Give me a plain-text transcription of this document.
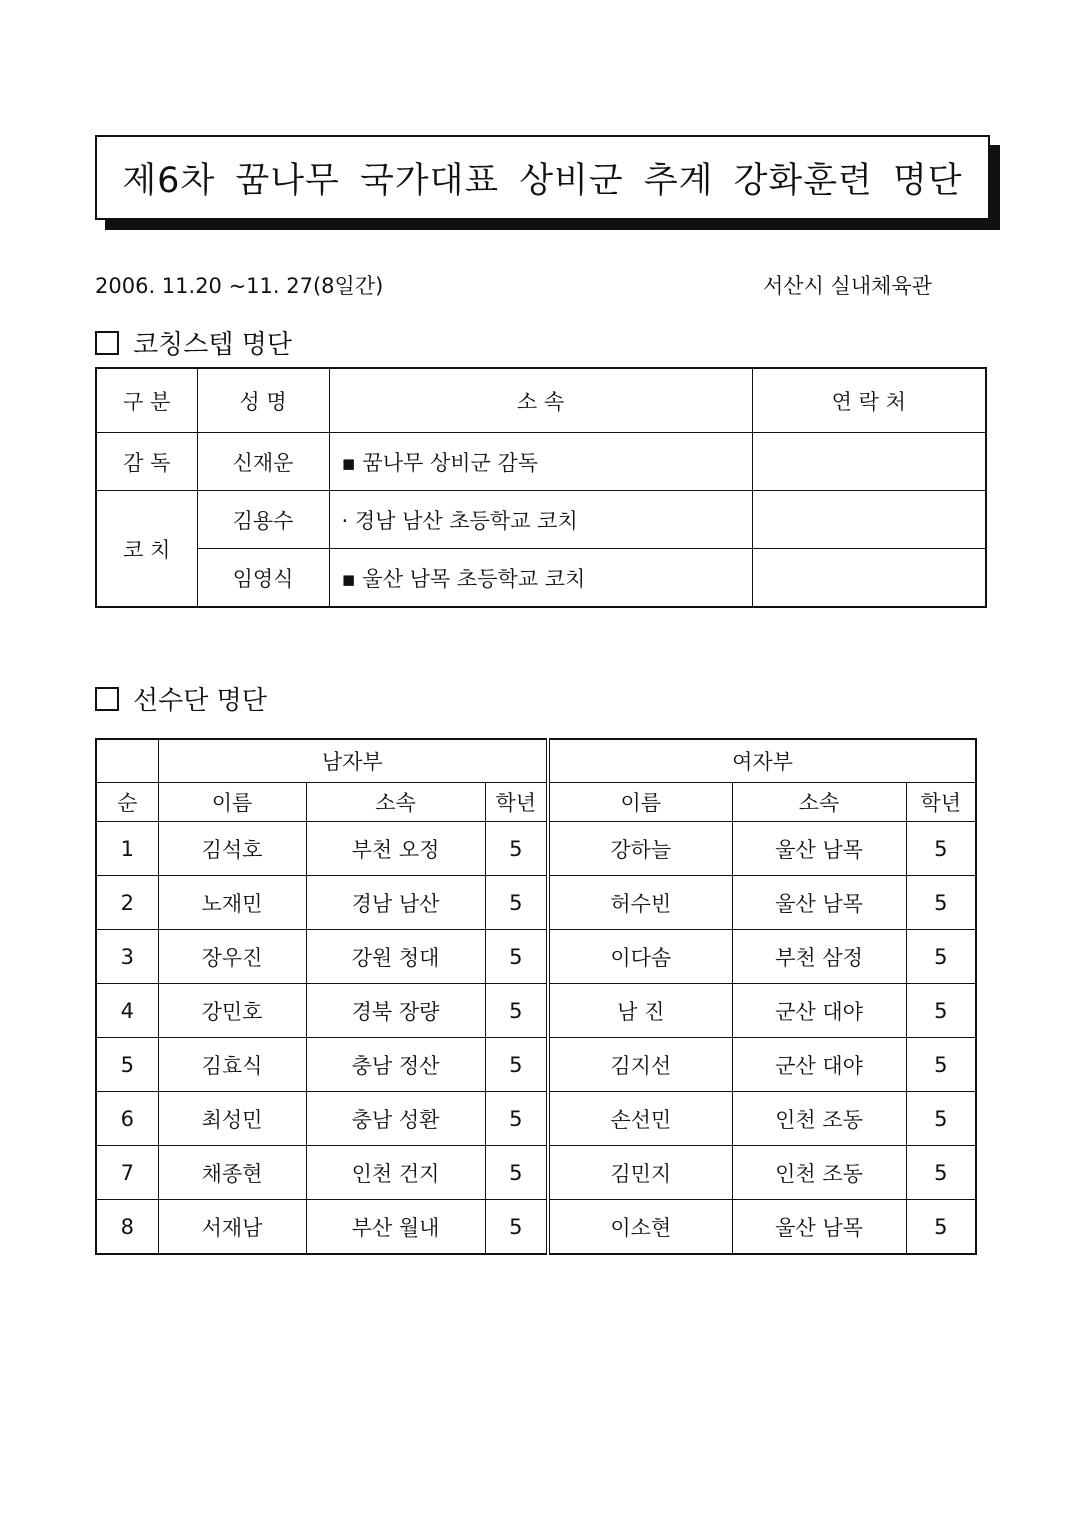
제6차 꿈나무 국가대표 상비군 추계 강화훈련 명단
2006. 11.20 ~11. 27(8일간)	서산시 실내체육관
코칭스텝 명단
구 분	성 명	소 속	연 락 처
감 독	신재운	▪ 꿈나무 상비군 감독	
코 치	김용수	· 경남 남산 초등학교 코치	
	임영식	▪ 울산 남목 초등학교 코치	
선수단 명단
	남자부			여자부		
순	이름	소속	학년	이름	소속	학년
1	김석호	부천 오정	5	강하늘	울산 남목	5
2	노재민	경남 남산	5	허수빈	울산 남목	5
3	장우진	강원 청대	5	이다솜	부천 삼정	5
4	강민호	경북 장량	5	남 진	군산 대야	5
5	김효식	충남 정산	5	김지선	군산 대야	5
6	최성민	충남 성환	5	손선민	인천 조동	5
7	채종현	인천 건지	5	김민지	인천 조동	5
8	서재남	부산 월내	5	이소현	울산 남목	5
